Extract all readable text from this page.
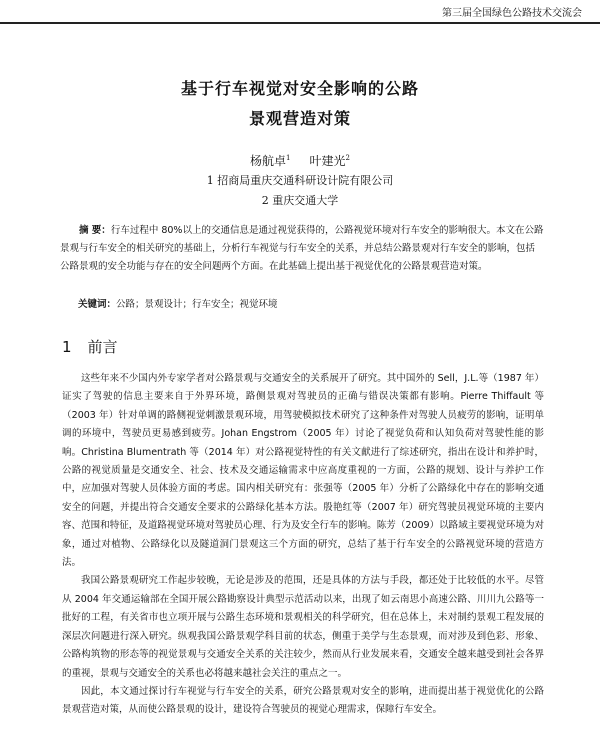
第三届全国绿色公路技术交流会
基于行车视觉对安全影响的公路
景观营造对策
杨航卓$^1$ 叶建光$^2$
1 招商局重庆交通科研设计院有限公司
2 重庆交通大学
摘 要：行车过程中 80%以上的交通信息是通过视觉获得的，公路视觉环境对行车安全的影响很大。本文在公路景观与行车安全的相关研究的基础上，分析行车视觉与行车安全的关系，并总结公路景观对行车安全的影响，包括公路景观的安全功能与存在的安全问题两个方面。在此基础上提出基于视觉优化的公路景观营造对策。
关键词：公路；景观设计；行车安全；视觉环境
1 前言

这些年来不少国内外专家学者对公路景观与交通安全的关系展开了研究。其中国外的 Sell，J.L.等（1987 年）证实了驾驶的信息主要来自于外界环境，路侧景观对驾驶员的正确与错误决策都有影响。Pierre Thiffault 等（2003 年）针对单调的路侧视觉刺激景观环境，用驾驶模拟技术研究了这种条件对驾驶人员疲劳的影响，证明单调的环境中，驾驶员更易感到疲劳。Johan Engstrom（2005 年）讨论了视觉负荷和认知负荷对驾驶性能的影响。Christina Blumentrath 等（2014 年）对公路视觉特性的有关文献进行了综述研究，指出在设计和养护时，公路的视觉质量是交通安全、社会、技术及交通运输需求中应高度重视的一方面，公路的规划、设计与养护工作中，应加强对驾驶人员体验方面的考虑。国内相关研究有：张强等（2005 年）分析了公路绿化中存在的影响交通安全的问题，并提出符合交通安全要求的公路绿化基本方法。殷艳红等（2007 年）研究驾驶员视觉环境的主要内容、范围和特征，及道路视觉环境对驾驶员心理、行为及安全行车的影响。陈芳（2009）以路域主要视觉环境为对象，通过对植物、公路绿化以及隧道洞门景观这三个方面的研究，总结了基于行车安全的公路视觉环境的营造方法。

我国公路景观研究工作起步较晚，无论是涉及的范围，还是具体的方法与手段，都还处于比较低的水平。尽管从 2004 年交通运输部在全国开展公路勘察设计典型示范活动以来，出现了如云南思小高速公路、川川九公路等一批好的工程，有关省市也立项开展与公路生态环境和景观相关的科学研究，但在总体上，未对制约景观工程发展的深层次问题进行深入研究。纵观我国公路景观学科目前的状态，侧重于美学与生态景观，而对涉及到色彩、形象、公路构筑物的形态等的视觉景观与交通安全关系的关注较少，然而从行业发展来看，交通安全越来越受到社会各界的重视，景观与交通安全的关系也必将越来越社会关注的重点之一。

因此，本文通过探讨行车视觉与行车安全的关系，研究公路景观对安全的影响，进而提出基于视觉优化的公路景观营造对策，从而使公路景观的设计，建设符合驾驶员的视觉心理需求，保障行车安全。
